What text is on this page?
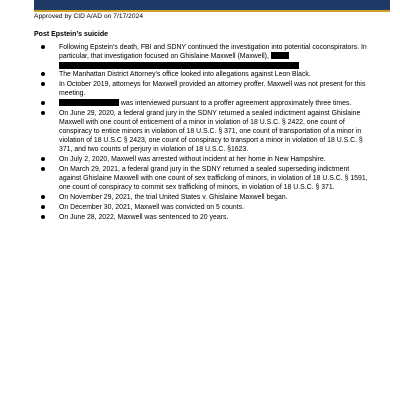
Approved by CID A/AD on 7/17/2024
Post Epstein’s suicide
Following Epstein’s death, FBI and SDNY continued the investigation into potential coconspirators. In particular, that investigation focused on Ghislaine Maxwell (Maxwell),
The Manhattan District Attorney’s office looked into allegations against Leon Black.
In October 2019, attorneys for Maxwell provided an attorney proffer. Maxwell was not present for this meeting.
was interviewed pursuant to a proffer agreement approximately three times.
On June 29, 2020, a federal grand jury in the SDNY returned a sealed indictment against Ghislaine Maxwell with one count of enticement of a minor in violation of 18 U.S.C. § 2422, one count of conspiracy to entice minors in violation of 18 U.S.C. § 371, one count of transportation of a minor in violation of 18 U.S.C § 2423, one count of conspiracy to transport a minor in violation of 18 U.S.C. § 371, and two counts of perjury in violation of 18 U.S.C. §1623.
On July 2, 2020, Maxwell was arrested without incident at her home in New Hampshire.
On March 29, 2021, a federal grand jury in the SDNY returned a sealed superseding indictment against Ghislaine Maxwell with one count of sex trafficking of minors, in violation of 18 U.S.C. § 1591, one count of conspiracy to commit sex trafficking of minors, in violation of 18 U.S.C. § 371.
On November 29, 2021, the trial United States v. Ghislaine Maxwell began.
On December 30, 2021, Maxwell was convicted on 5 counts.
On June 28, 2022, Maxwell was sentenced to 20 years.
